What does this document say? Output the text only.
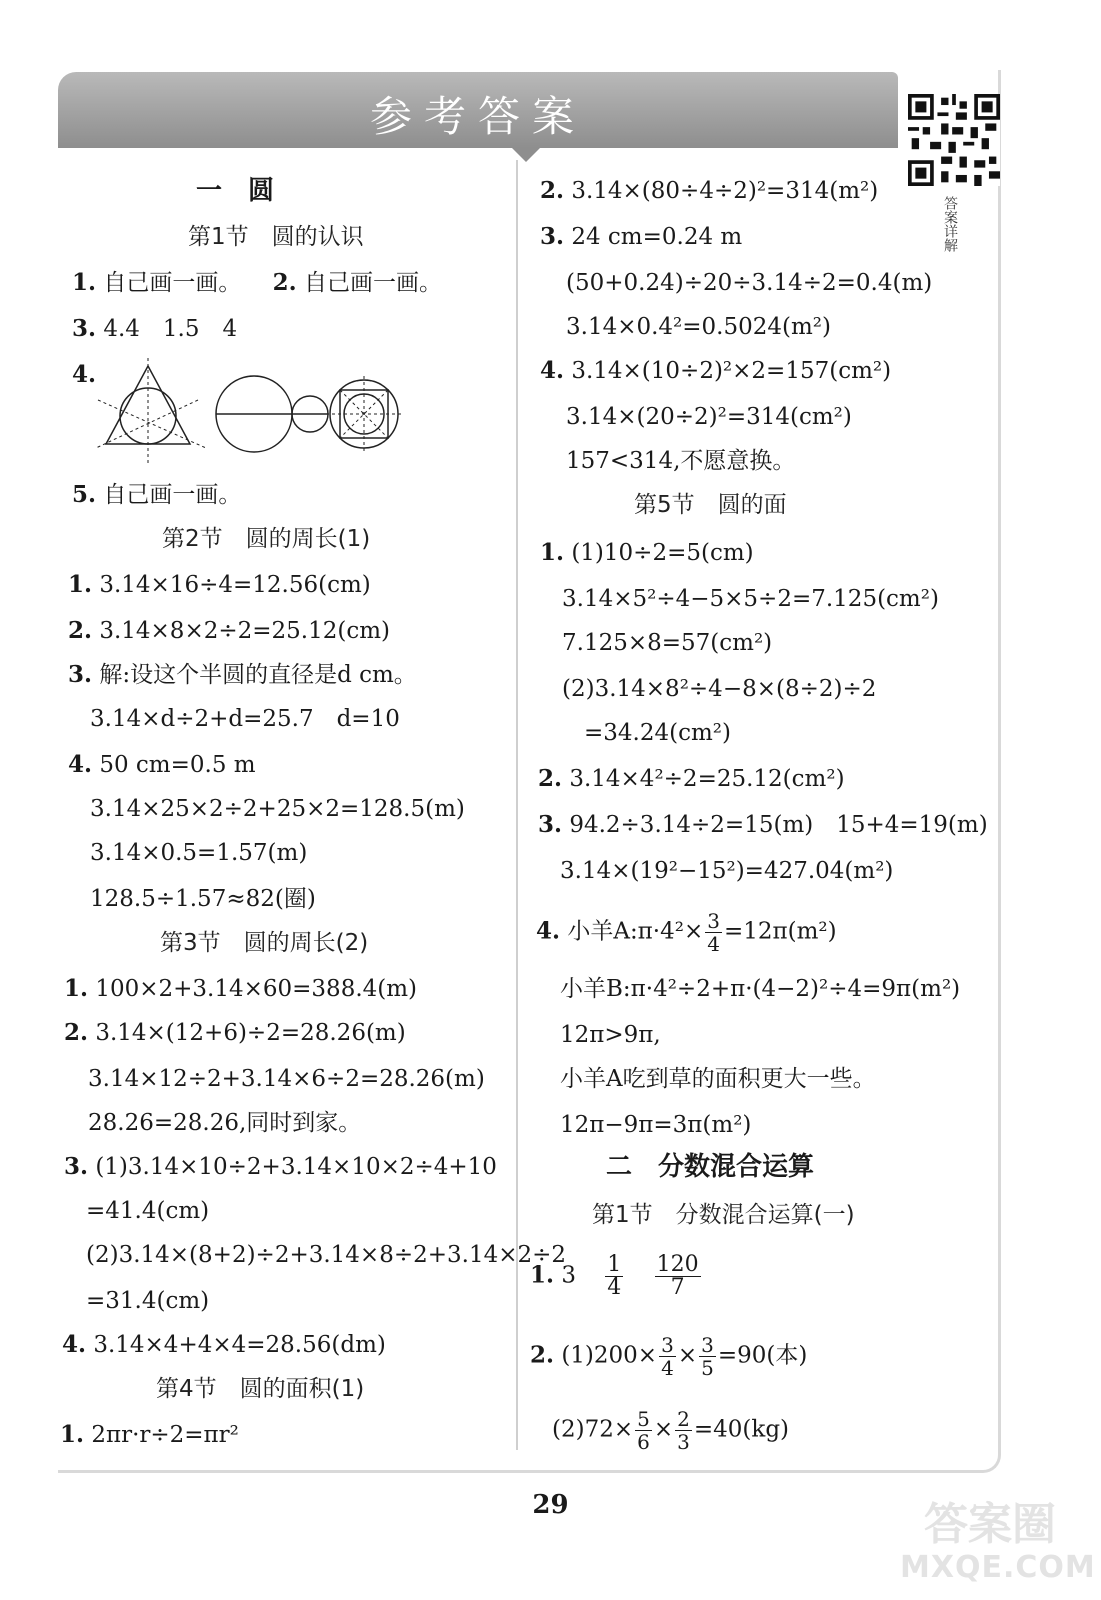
参考答案
答案详解
一　圆
第1节　圆的认识
1. 自己画一画。 2. 自己画一画。
3. 4.4　1.5　4
4.
5. 自己画一画。
第2节　圆的周长(1)
1. 3.14×16÷4=12.56(cm)
2. 3.14×8×2÷2=25.12(cm)
3. 解:设这个半圆的直径是d cm。
3.14×d÷2+d=25.7　d=10
4. 50 cm=0.5 m
3.14×25×2÷2+25×2=128.5(m)
3.14×0.5=1.57(m)
128.5÷1.57≈82(圈)
第3节　圆的周长(2)
1. 100×2+3.14×60=388.4(m)
2. 3.14×(12+6)÷2=28.26(m)
3.14×12÷2+3.14×6÷2=28.26(m)
28.26=28.26,同时到家。
3. (1)3.14×10÷2+3.14×10×2÷4+10
=41.4(cm)
(2)3.14×(8+2)÷2+3.14×8÷2+3.14×2÷2
=31.4(cm)
4. 3.14×4+4×4=28.56(dm)
第4节　圆的面积(1)
1. 2πr·r÷2=πr²
2. 3.14×(80÷4÷2)²=314(m²)
3. 24 cm=0.24 m
(50+0.24)÷20÷3.14÷2=0.4(m)
3.14×0.4²=0.5024(m²)
4. 3.14×(10÷2)²×2=157(cm²)
3.14×(20÷2)²=314(cm²)
157<314,不愿意换。
第5节　圆的面
1. (1)10÷2=5(cm)
3.14×5²÷4−5×5÷2=7.125(cm²)
7.125×8=57(cm²)
(2)3.14×8²÷4−8×(8÷2)÷2
=34.24(cm²)
2. 3.14×4²÷2=25.12(cm²)
3. 94.2÷3.14÷2=15(m)　15+4=19(m)
3.14×(19²−15²)=427.04(m²)
4. 小羊A:π·4²× $\frac{3}{4} =12\pi(m^2)$
小羊B:π·4²÷2+π·(4−2)²÷4=9π(m²)
12π>9π,
小羊A吃到草的面积更大一些。
12π−9π=3π(m²)
二　分数混合运算
第1节　分数混合运算(一)
1. $3 \frac{1}{4}$
$\frac{120}{7}$
2. $(1)200\times \frac{3}{4} \times \frac{3}{5} =90$(本)
$(2)72\times \frac{5}{6} \times \frac{2}{3} =40(kg)$
29	答案圈
MXQE.COM
